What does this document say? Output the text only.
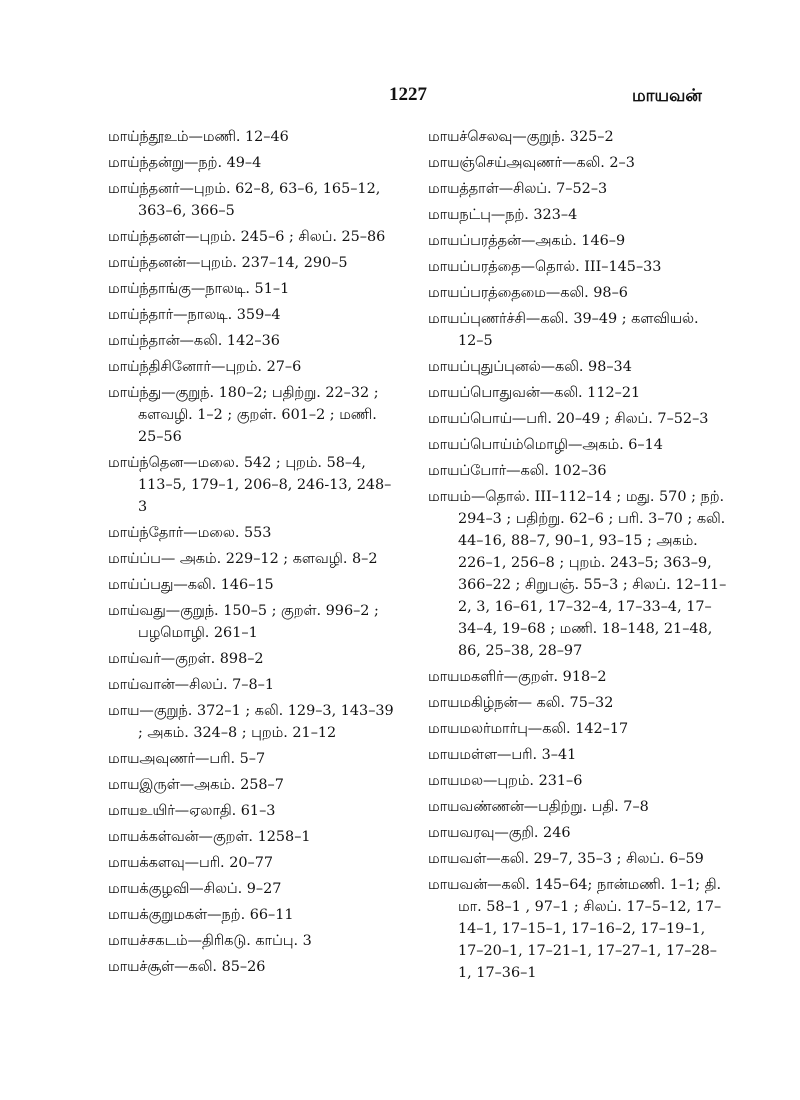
1227	மாயவன்
மாய்ந்தூஉம்—மணி. 12–46
மாய்ந்தன்று—நற். 49–4
மாய்ந்தனர்—புறம். 62–8, 63–6, 165–12, 363–6, 366–5
மாய்ந்தனள்—புறம். 245–6 ; சிலப். 25–86
மாய்ந்தனன்—புறம். 237–14, 290–5
மாய்ந்தாங்கு—நாலடி. 51–1
மாய்ந்தார்—நாலடி. 359–4
மாய்ந்தான்—கலி. 142–36
மாய்ந்திசினோர்—புறம். 27–6
மாய்ந்து—குறுந். 180–2; பதிற்று. 22–32 ; களவழி. 1–2 ; குறள். 601–2 ; மணி. 25–56
மாய்ந்தென—மலை. 542 ; புறம். 58–4, 113–5, 179–1, 206–8, 246-13, 248–3
மாய்ந்தோர்—மலை. 553
மாய்ப்ப— அகம். 229–12 ; களவழி. 8–2
மாய்ப்பது—கலி. 146–15
மாய்வது—குறுந். 150–5 ; குறள். 996–2 ; பழமொழி. 261–1
மாய்வர்—குறள். 898–2
மாய்வான்—சிலப். 7–8–1
மாய—குறுந். 372–1 ; கலி. 129–3, 143–39 ; அகம். 324–8 ; புறம். 21–12
மாயஅவுணர்—பரி. 5–7
மாயஇருள்—அகம். 258–7
மாயஉயிர்—ஏலாதி. 61–3
மாயக்கள்வன்—குறள். 1258–1
மாயக்களவு—பரி. 20–77
மாயக்குழவி—சிலப். 9–27
மாயக்குறுமகள்—நற். 66–11
மாயச்சகடம்—திரிகடு. காப்பு. 3
மாயச்சூள்—கலி. 85–26
மாயச்செலவு—குறுந். 325–2
மாயஞ்செய்அவுணர்—கலி. 2–3
மாயத்தாள்—சிலப். 7–52–3
மாயநட்பு—நற். 323–4
மாயப்பரத்தன்—அகம். 146–9
மாயப்பரத்தை—தொல். III–145–33
மாயப்பரத்தைமை—கலி. 98–6
மாயப்புணர்ச்சி—கலி. 39–49 ; களவியல். 12–5
மாயப்புதுப்புனல்—கலி. 98–34
மாயப்பொதுவன்—கலி. 112–21
மாயப்பொய்—பரி. 20–49 ; சிலப். 7–52–3
மாயப்பொய்ம்மொழி—அகம். 6–14
மாயப்போர்—கலி. 102–36
மாயம்—தொல். III–112–14 ; மது. 570 ; நற். 294–3 ; பதிற்று. 62–6 ; பரி. 3–70 ; கலி. 44–16, 88–7, 90–1, 93–15 ; அகம். 226–1, 256–8 ; புறம். 243–5; 363–9, 366–22 ; சிறுபஞ். 55–3 ; சிலப். 12–11–2, 3, 16–61, 17–32–4, 17–33–4, 17–34–4, 19–68 ; மணி. 18–148, 21–48, 86, 25–38, 28–97
மாயமகளிர்—குறள். 918–2
மாயமகிழ்நன்— கலி. 75–32
மாயமலர்மார்பு—கலி. 142–17
மாயமள்ள—பரி. 3–41
மாயமல—புறம். 231–6
மாயவண்ணன்—பதிற்று. பதி. 7–8
மாயவரவு—குறி. 246
மாயவள்—கலி. 29–7, 35–3 ; சிலப். 6–59
மாயவன்—கலி. 145–64; நான்மணி. 1–1; தி. மா. 58–1 , 97–1 ; சிலப். 17–5–12, 17–14–1, 17–15–1, 17–16–2, 17–19–1, 17–20–1, 17–21–1, 17–27–1, 17–28–1, 17–36–1
